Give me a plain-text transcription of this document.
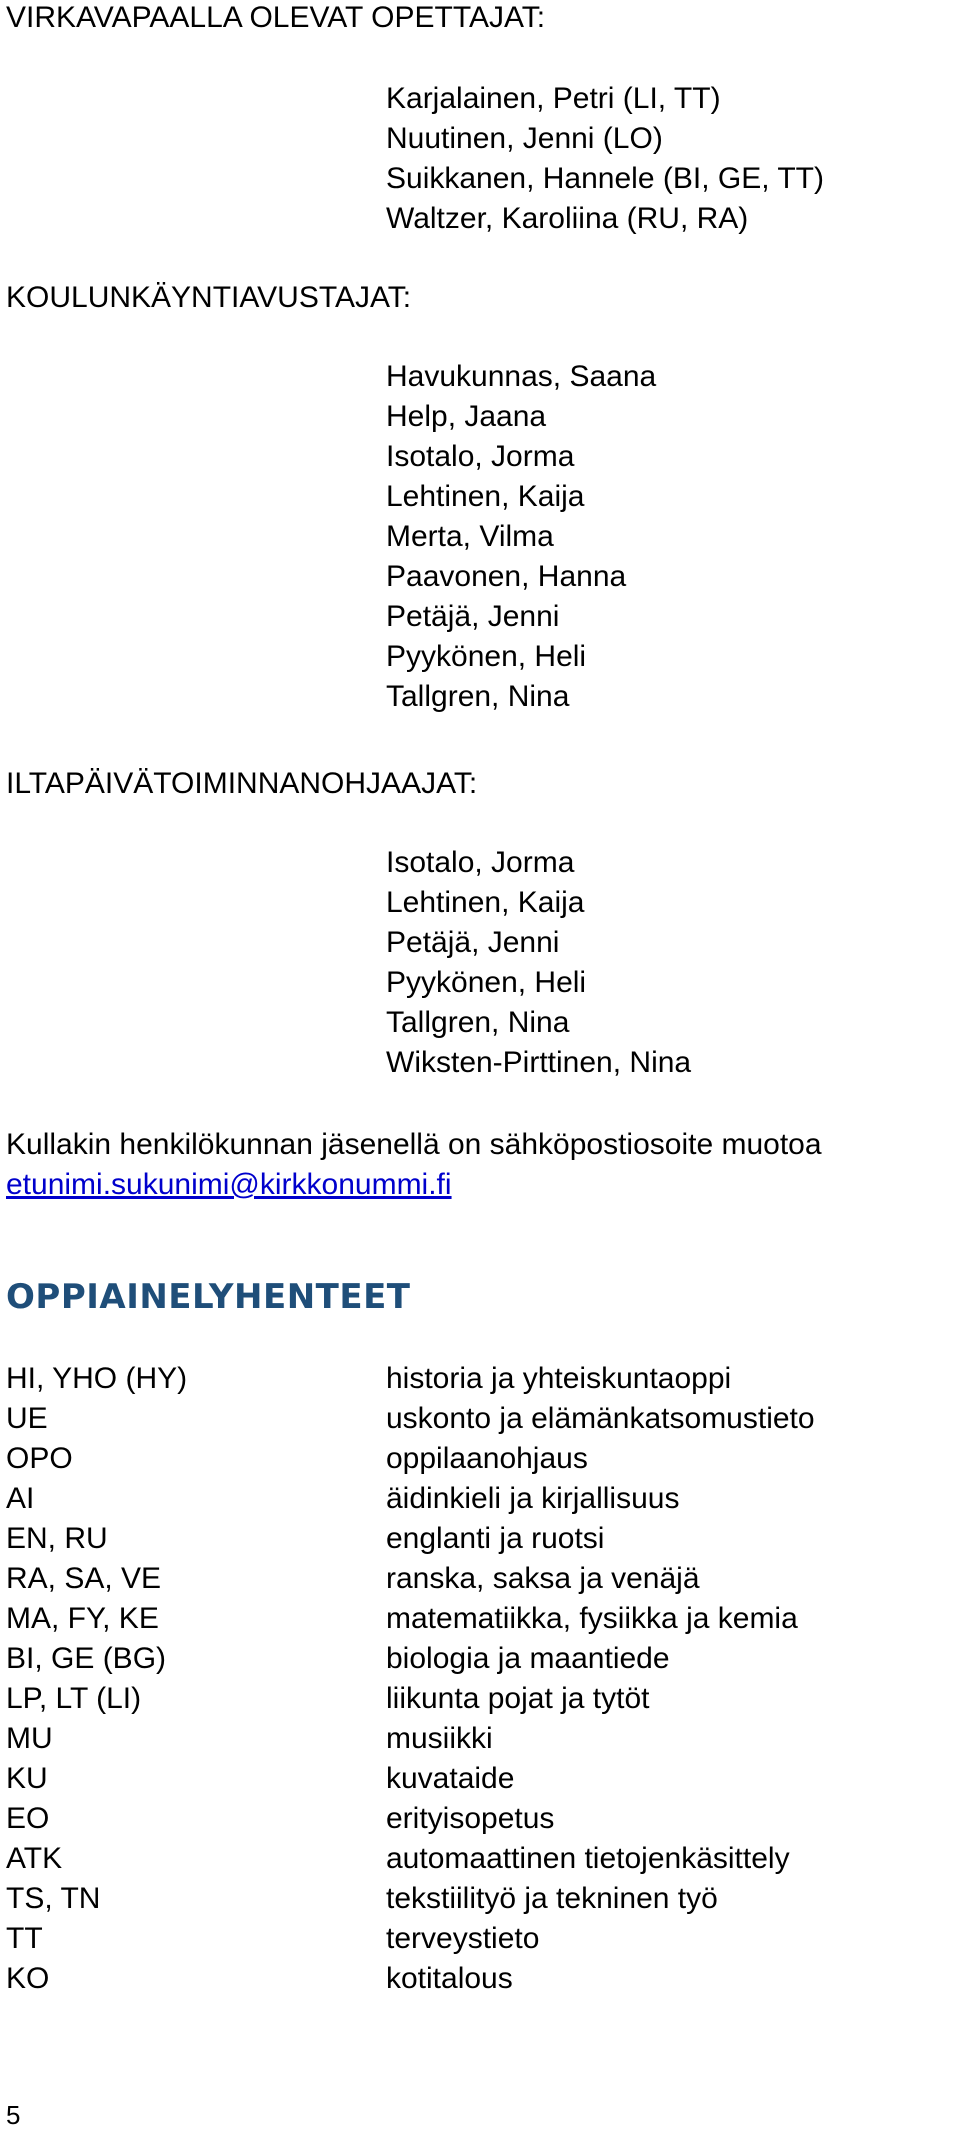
VIRKAVAPAALLA OLEVAT OPETTAJAT:
Karjalainen, Petri (LI, TT)
Nuutinen, Jenni (LO)
Suikkanen, Hannele (BI, GE, TT)
Waltzer, Karoliina (RU, RA)
KOULUNKÄYNTIAVUSTAJAT:
Havukunnas, Saana
Help, Jaana
Isotalo, Jorma
Lehtinen, Kaija
Merta, Vilma
Paavonen, Hanna
Petäjä, Jenni
Pyykönen, Heli
Tallgren, Nina
ILTAPÄIVÄTOIMINNANOHJAAJAT:
Isotalo, Jorma
Lehtinen, Kaija
Petäjä, Jenni
Pyykönen, Heli
Tallgren, Nina
Wiksten-Pirttinen, Nina
Kullakin henkilökunnan jäsenellä on sähköpostiosoite muotoa
etunimi.sukunimi@kirkkonummi.fi
OPPIAINELYHENTEET
HI, YHO (HY)	historia ja yhteiskuntaoppi
UE	uskonto ja elämänkatsomustieto
OPO	oppilaanohjaus
AI	äidinkieli ja kirjallisuus
EN, RU	englanti ja ruotsi
RA, SA, VE	ranska, saksa ja venäjä
MA, FY, KE	matematiikka, fysiikka ja kemia
BI, GE (BG)	biologia ja maantiede
LP, LT (LI)	liikunta pojat ja tytöt
MU	musiikki
KU	kuvataide
EO	erityisopetus
ATK	automaattinen tietojenkäsittely
TS, TN	tekstiilityö ja tekninen työ
TT	terveystieto
KO	kotitalous
5
